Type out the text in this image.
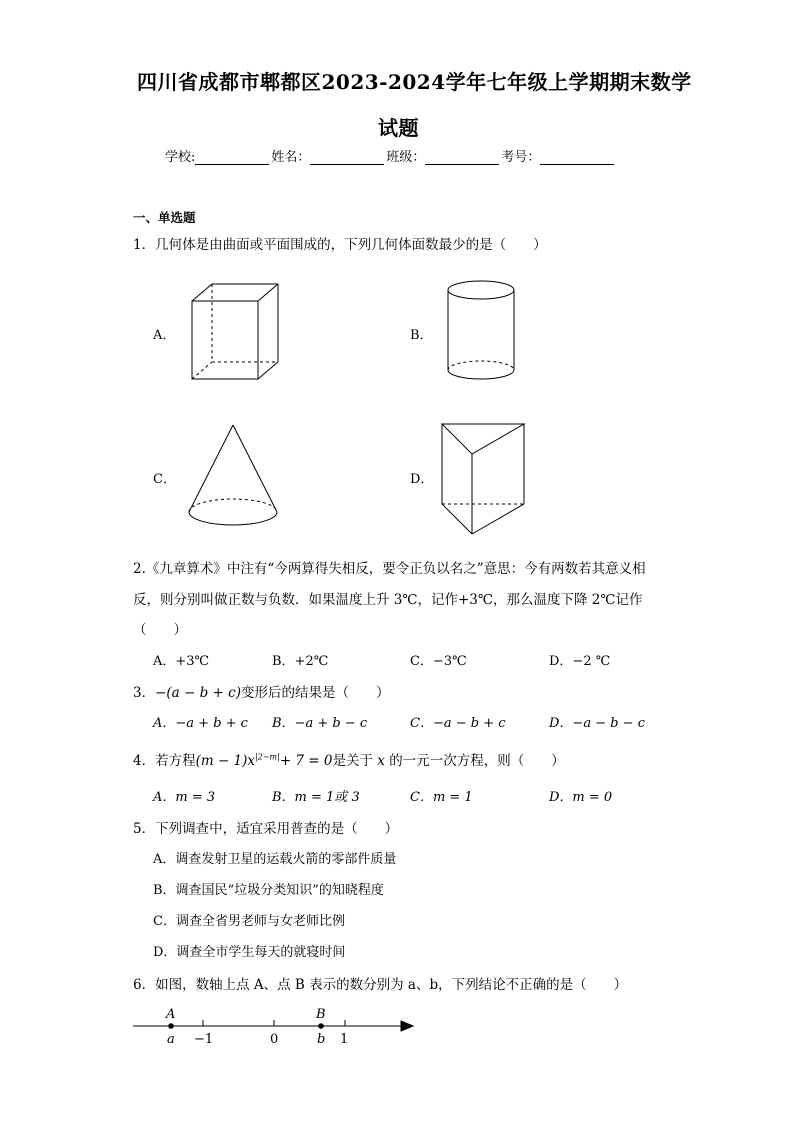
四川省成都市郫都区2023-2024学年七年级上学期期末数学
试题
学校:	姓名：	班级：	考号：
一、单选题
1．几何体是由曲面或平面围成的，下列几何体面数最少的是（　　）
A．	B．
C．	D．
2.《九章算术》中注有“今两算得失相反，要令正负以名之”意思：今有两数若其意义相
反，则分别叫做正数与负数．如果温度上升 3℃，记作+3℃，那么温度下降 2℃记作
（　　）
A．+3℃	B．+2℃	C．−3℃	D．−2 ℃
3．−(a − b + c)变形后的结果是（　　）
A．−a + b + c B．−a + b − c	C．−a − b + c	D．−a − b − c
4．若方程$(m - 1)x^{|2-m|}+ 7 = 0$是关于 x 的一元一次方程，则（　　）
A．m = 3	B．m = 1或 3	C．m = 1	D．m = 0
5．下列调查中，适宜采用普查的是（　　）
A．调查发射卫星的运载火箭的零部件质量
B．调查国民“垃圾分类知识”的知晓程度
C．调查全省男老师与女老师比例
D．调查全市学生每天的就寝时间
6．如图，数轴上点 A、点 B 表示的数分别为 a、b，下列结论不正确的是（　　）
A	B
a −1	0	b 1
